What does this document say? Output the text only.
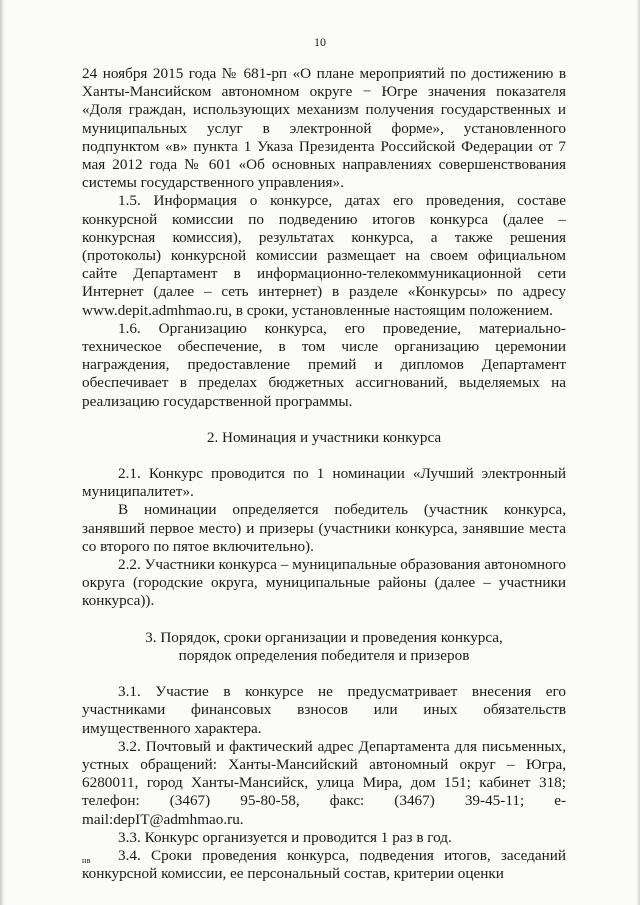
10

24 ноября 2015 года № 681-рп «О плане мероприятий по достижению в Ханты-Мансийском автономном округе − Югре значения показателя «Доля граждан, использующих механизм получения государственных и муниципальных услуг в электронной форме», установленного подпунктом «в» пункта 1 Указа Президента Российской Федерации от 7 мая 2012 года № 601 «Об основных направлениях совершенствования системы государственного управления».

1.5. Информация о конкурсе, датах его проведения, составе конкурсной комиссии по подведению итогов конкурса (далее – конкурсная комиссия), результатах конкурса, а также решения (протоколы) конкурсной комиссии размещает на своем официальном сайте Департамент в информационно-телекоммуникационной сети Интернет (далее – сеть интернет) в разделе «Конкурсы» по адресу www.depit.admhmao.ru, в сроки, установленные настоящим положением.

1.6. Организацию конкурса, его проведение, материально-техническое обеспечение, в том числе организацию церемонии награждения, предоставление премий и дипломов Департамент обеспечивает в пределах бюджетных ассигнований, выделяемых на реализацию государственной программы.

2. Номинация и участники конкурса

2.1. Конкурс проводится по 1 номинации «Лучший электронный муниципалитет».

В номинации определяется победитель (участник конкурса, занявший первое место) и призеры (участники конкурса, занявшие места со второго по пятое включительно).

2.2. Участники конкурса – муниципальные образования автономного округа (городские округа, муниципальные районы (далее – участники конкурса)).

3. Порядок, сроки организации и проведения конкурса,

порядок определения победителя и призеров

3.1. Участие в конкурсе не предусматривает внесения его участниками финансовых взносов или иных обязательств имущественного характера.

3.2. Почтовый и фактический адрес Департамента для письменных, устных обращений: Ханты-Мансийский автономный округ – Югра, 6280011, город Ханты-Мансийск, улица Мира, дом 151; кабинет 318; телефон: (3467) 95-80-58, факс: (3467) 39-45-11; e-mail:depIT@admhmao.ru.

3.3. Конкурс организуется и проводится 1 раз в год.

3.4. Сроки проведения конкурса, подведения итогов, заседаний конкурсной комиссии, ее персональный состав, критерии оценки

нв
